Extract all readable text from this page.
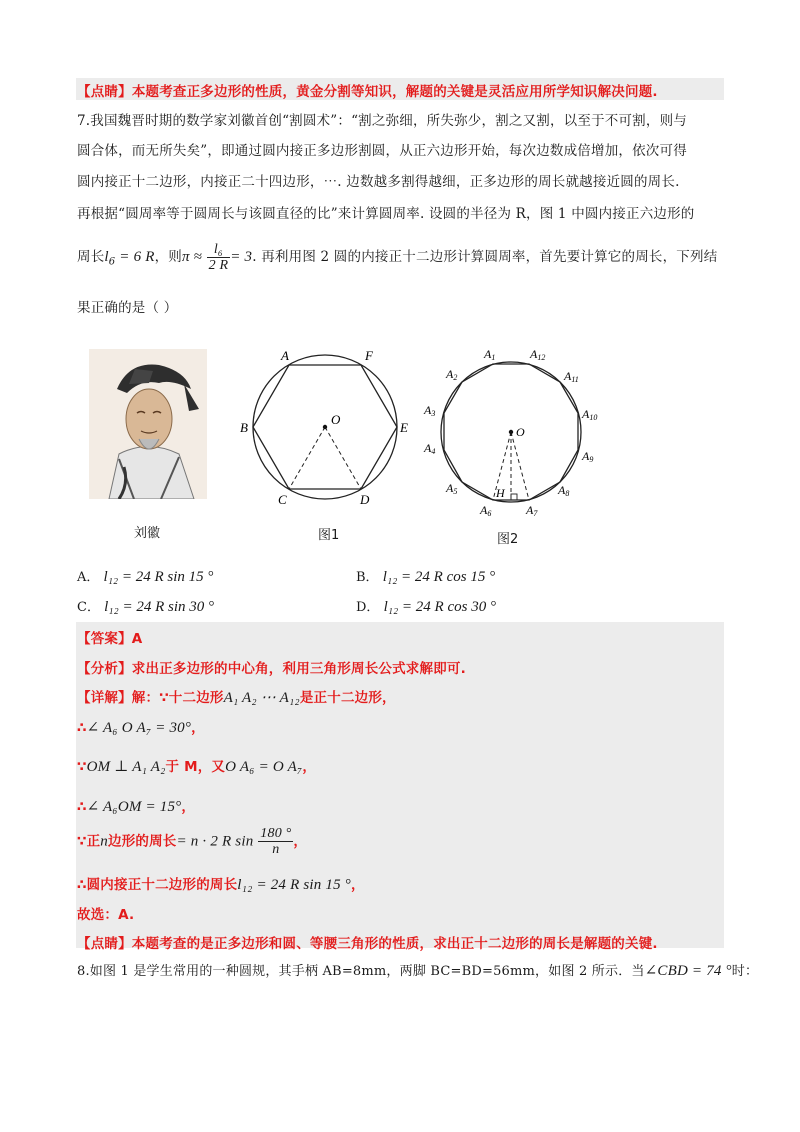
【点睛】本题考查正多边形的性质，黄金分割等知识，解题的关键是灵活应用所学知识解决问题.
7.我国魏晋时期的数学家刘徽首创“割圆术”：“割之弥细，所失弥少，割之又割，以至于不可割，则与
圆合体，而无所失矣”，即通过圆内接正多边形割圆，从正六边形开始，每次边数成倍增加，依次可得
圆内接正十二边形，内接正二十四边形，⋯. 边数越多割得越细，正多边形的周长就越接近圆的周长.
再根据“圆周率等于圆周长与该圆直径的比”来计算圆周率. 设圆的半径为 R，图 1 中圆内接正六边形的
周长$l_6 = 6$ R，则$\pi \approx \frac{\text{l₆}}{2 R} = 3$. 再利用图 2 圆的内接正十二边形计算圆周率，首先要计算它的周长，下列结
果正确的是（ ）
刘徽
A	F
B
O
E
C	D
图1
A1	A12
A2	A11
A3	A10
A4
O
A9
A5	H	A8
A6	A7
图2
A． l₁₂ = 24 R sin 15 °	B． l₁₂ = 24 R cos 15 °
C． l₁₂ = 24 R sin 30 °	D． l₁₂ = 24 R cos 30 °
【答案】A
【分析】求出正多边形的中心角，利用三角形周长公式求解即可.
【详解】解：∵十二边形A₁ A₂ ⋯ A₁₂是正十二边形，
∴∠ A₆ O A₇ = 30°，
∵OM ⊥ A₁ A₂于 M，又O A₆ = O A₇，
∴∠ A₆OM = 15°，
∵正n边形的周长= n · 2 R $\sin \frac{180 ^\circ}{n}$ ，
∴圆内接正十二边形的周长l₁₂ = 24 R sin 15 °，
故选：A.
【点睛】本题考查的是正多边形和圆、等腰三角形的性质，求出正十二边形的周长是解题的关键.
8.如图 1 是学生常用的一种圆规，其手柄 AB=8mm，两脚 BC=BD=56mm，如图 2 所示．当∠CBD = 74 °时：
